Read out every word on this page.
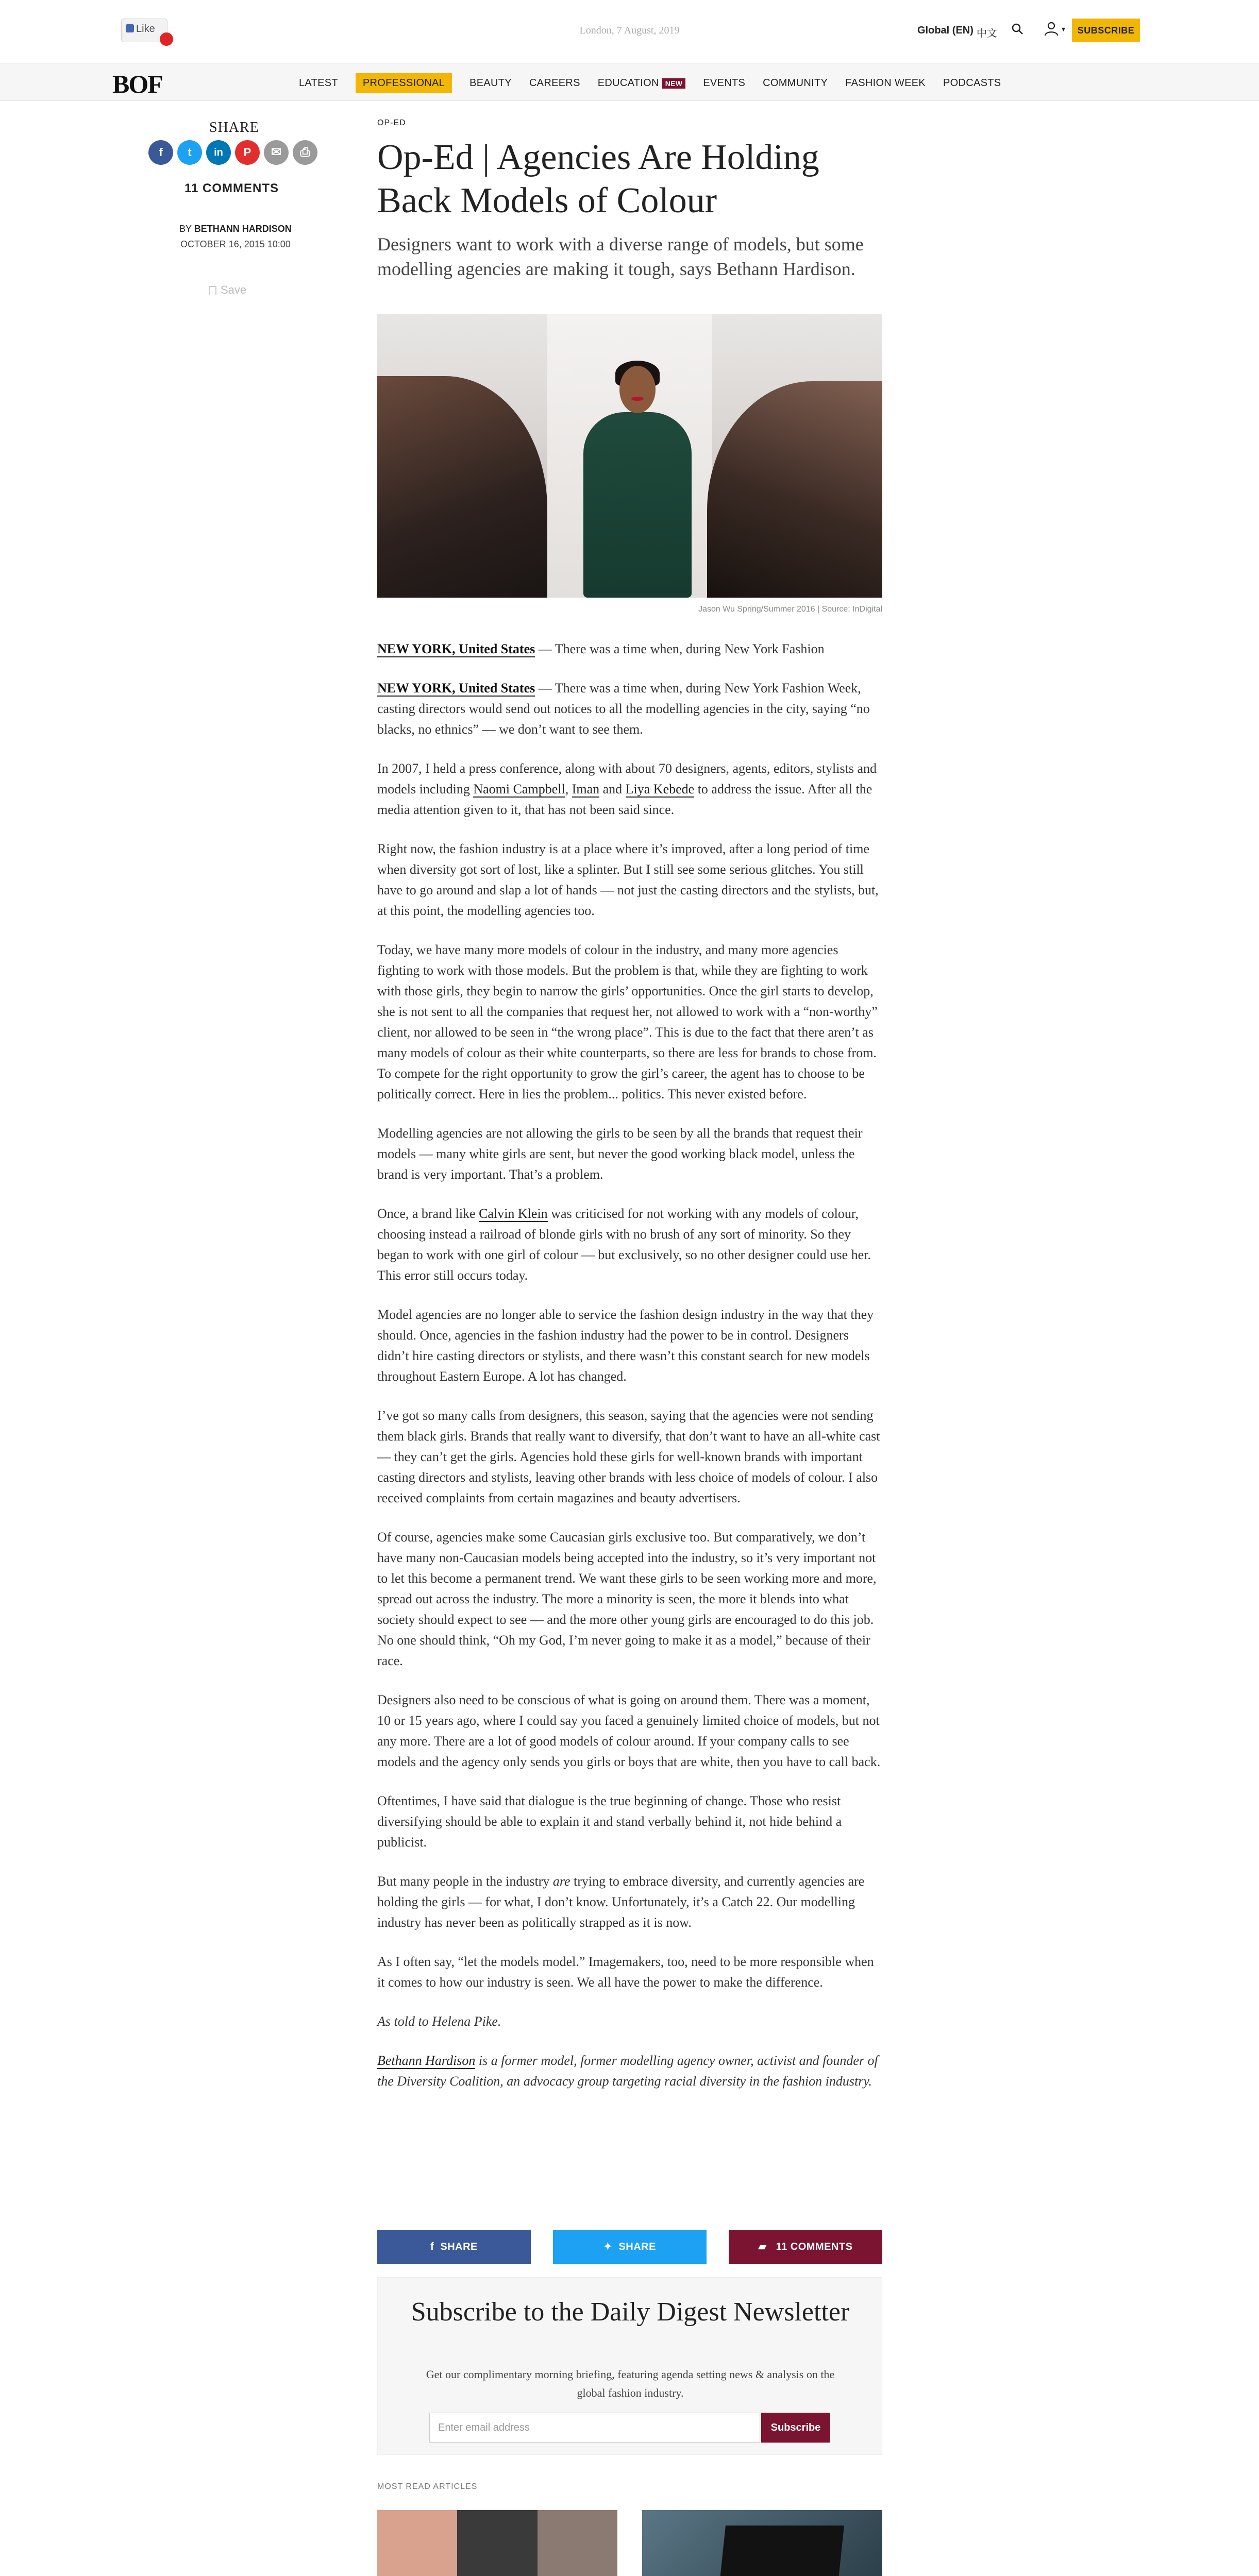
Like	London, 7 August, 2019	Global (EN) 中文	▾	SUBSCRIBE
BOF	LATEST	PROFESSIONAL	BEAUTY CAREERS EDUCATION NEW	EVENTS COMMUNITY FASHION WEEK PODCASTS
SHARE
f	t	in	P	✉	⎙
11 COMMENTS
BY BETHANN HARDISON
OCTOBER 16, 2015 10:00
Save
OP-ED
Op-Ed | Agencies Are Holding Back Models of Colour
Designers want to work with a diverse range of models, but some modelling agencies are making it tough, says Bethann Hardison.
Jason Wu Spring/Summer 2016 | Source: InDigital

NEW YORK, United States — There was a time when, during New York Fashion

NEW YORK, United States — There was a time when, during New York Fashion Week, casting directors would send out notices to all the modelling agencies in the city, saying “no blacks, no ethnics” — we don’t want to see them.

In 2007, I held a press conference, along with about 70 designers, agents, editors, stylists and models including Naomi Campbell, Iman and Liya Kebede to address the issue. After all the media attention given to it, that has not been said since.

Right now, the fashion industry is at a place where it’s improved, after a long period of time when diversity got sort of lost, like a splinter. But I still see some serious glitches. You still have to go around and slap a lot of hands — not just the casting directors and the stylists, but, at this point, the modelling agencies too.

Today, we have many more models of colour in the industry, and many more agencies fighting to work with those models. But the problem is that, while they are fighting to work with those girls, they begin to narrow the girls’ opportunities. Once the girl starts to develop, she is not sent to all the companies that request her, not allowed to work with a “non-worthy” client, nor allowed to be seen in “the wrong place”. This is due to the fact that there aren’t as many models of colour as their white counterparts, so there are less for brands to chose from. To compete for the right opportunity to grow the girl’s career, the agent has to choose to be politically correct. Here in lies the problem... politics. This never existed before.

Modelling agencies are not allowing the girls to be seen by all the brands that request their models — many white girls are sent, but never the good working black model, unless the brand is very important. That’s a problem.

Once, a brand like Calvin Klein was criticised for not working with any models of colour, choosing instead a railroad of blonde girls with no brush of any sort of minority. So they began to work with one girl of colour — but exclusively, so no other designer could use her. This error still occurs today.

Model agencies are no longer able to service the fashion design industry in the way that they should. Once, agencies in the fashion industry had the power to be in control. Designers didn’t hire casting directors or stylists, and there wasn’t this constant search for new models throughout Eastern Europe. A lot has changed.

I’ve got so many calls from designers, this season, saying that the agencies were not sending them black girls. Brands that really want to diversify, that don’t want to have an all-white cast — they can’t get the girls. Agencies hold these girls for well-known brands with important casting directors and stylists, leaving other brands with less choice of models of colour. I also received complaints from certain magazines and beauty advertisers.

Of course, agencies make some Caucasian girls exclusive too. But comparatively, we don’t have many non-Caucasian models being accepted into the industry, so it’s very important not to let this become a permanent trend. We want these girls to be seen working more and more, spread out across the industry. The more a minority is seen, the more it blends into what society should expect to see — and the more other young girls are encouraged to do this job. No one should think, “Oh my God, I’m never going to make it as a model,” because of their race.

Designers also need to be conscious of what is going on around them. There was a moment, 10 or 15 years ago, where I could say you faced a genuinely limited choice of models, but not any more. There are a lot of good models of colour around. If your company calls to see models and the agency only sends you girls or boys that are white, then you have to call back.

Oftentimes, I have said that dialogue is the true beginning of change. Those who resist diversifying should be able to explain it and stand verbally behind it, not hide behind a publicist.

But many people in the industry are trying to embrace diversity, and currently agencies are holding the girls — for what, I don’t know. Unfortunately, it’s a Catch 22. Our modelling industry has never been as politically strapped as it is now.

As I often say, “let the models model.” Imagemakers, too, need to be more responsible when it comes to how our industry is seen. We all have the power to make the difference.

As told to Helena Pike.

Bethann Hardison is a former model, former modelling agency owner, activist and founder of the Diversity Coalition, an advocacy group targeting racial diversity in the fashion industry.

f  SHARE	✦  SHARE	▰   11 COMMENTS
Subscribe to the Daily Digest Newsletter
Get our complimentary morning briefing, featuring agenda setting news & analysis on the global fashion industry.
Enter email address
Subscribe
MOST READ ARTICLES
